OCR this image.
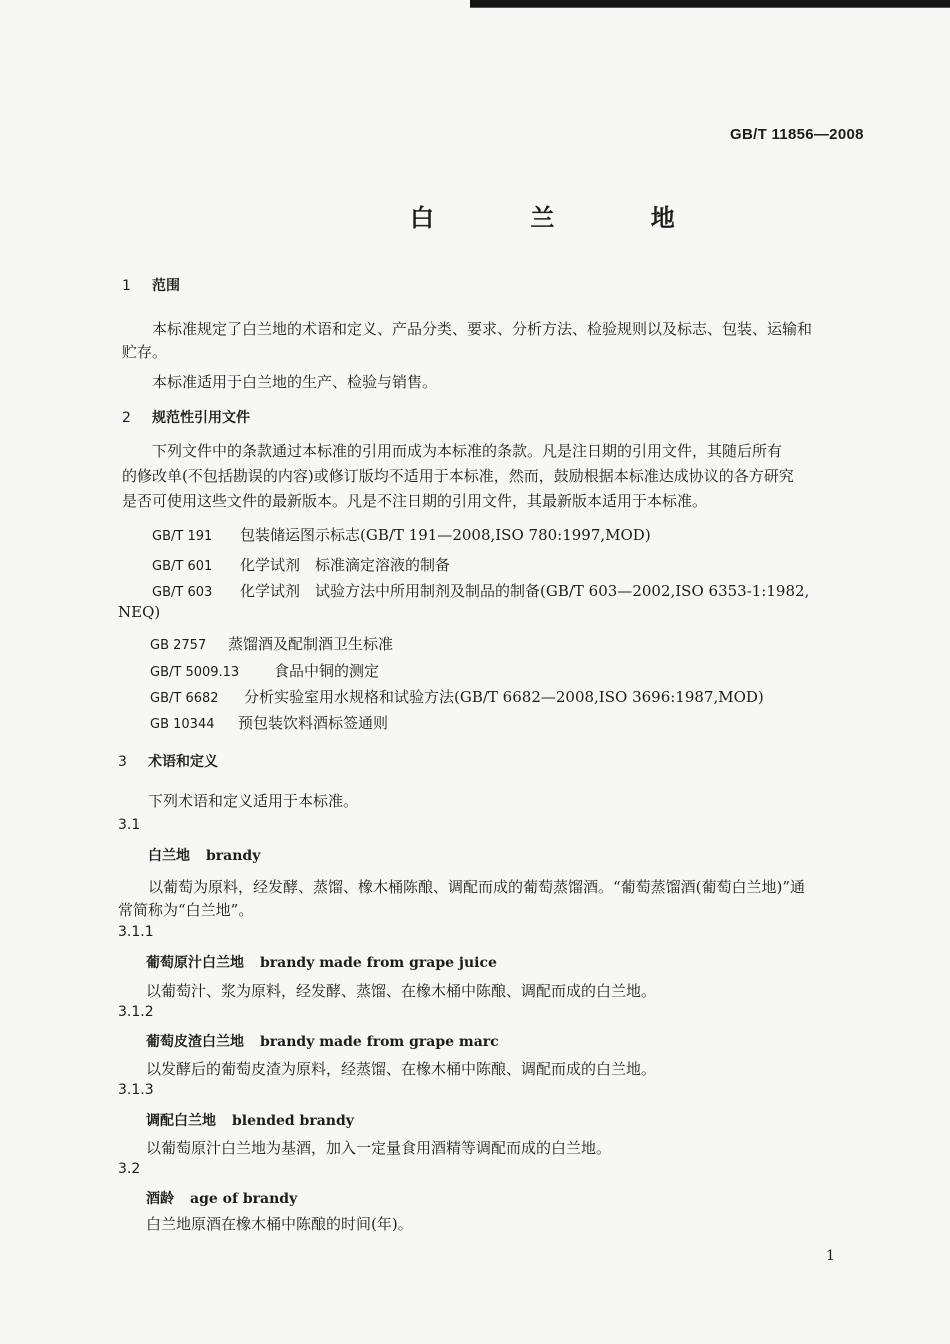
GB/T 11856—2008
白 兰 地
1 范围
本标准规定了白兰地的术语和定义、产品分类、要求、分析方法、检验规则以及标志、包装、运输和
贮存。
本标准适用于白兰地的生产、检验与销售。
2 规范性引用文件
下列文件中的条款通过本标准的引用而成为本标准的条款。凡是注日期的引用文件，其随后所有
的修改单(不包括勘误的内容)或修订版均不适用于本标准，然而，鼓励根据本标准达成协议的各方研究
是否可使用这些文件的最新版本。凡是不注日期的引用文件，其最新版本适用于本标准。
GB/T 191 包装储运图示标志(GB/T 191—2008,ISO 780:1997,MOD)
GB/T 601 化学试剂　标准滴定溶液的制备
GB/T 603 化学试剂　试验方法中所用制剂及制品的制备(GB/T 603—2002,ISO 6353-1:1982,
NEQ)
GB 2757 蒸馏酒及配制酒卫生标准
GB/T 5009.13 食品中铜的测定
GB/T 6682 分析实验室用水规格和试验方法(GB/T 6682—2008,ISO 3696:1987,MOD)
GB 10344 预包装饮料酒标签通则
3 术语和定义
下列术语和定义适用于本标准。
3.1
白兰地 brandy
以葡萄为原料，经发酵、蒸馏、橡木桶陈酿、调配而成的葡萄蒸馏酒。“葡萄蒸馏酒(葡萄白兰地)”通
常简称为“白兰地”。
3.1.1
葡萄原汁白兰地 brandy made from grape juice
以葡萄汁、浆为原料，经发酵、蒸馏、在橡木桶中陈酿、调配而成的白兰地。
3.1.2
葡萄皮渣白兰地 brandy made from grape marc
以发酵后的葡萄皮渣为原料，经蒸馏、在橡木桶中陈酿、调配而成的白兰地。
3.1.3
调配白兰地 blended brandy
以葡萄原汁白兰地为基酒，加入一定量食用酒精等调配而成的白兰地。
3.2
酒龄 age of brandy
白兰地原酒在橡木桶中陈酿的时间(年)。
1
